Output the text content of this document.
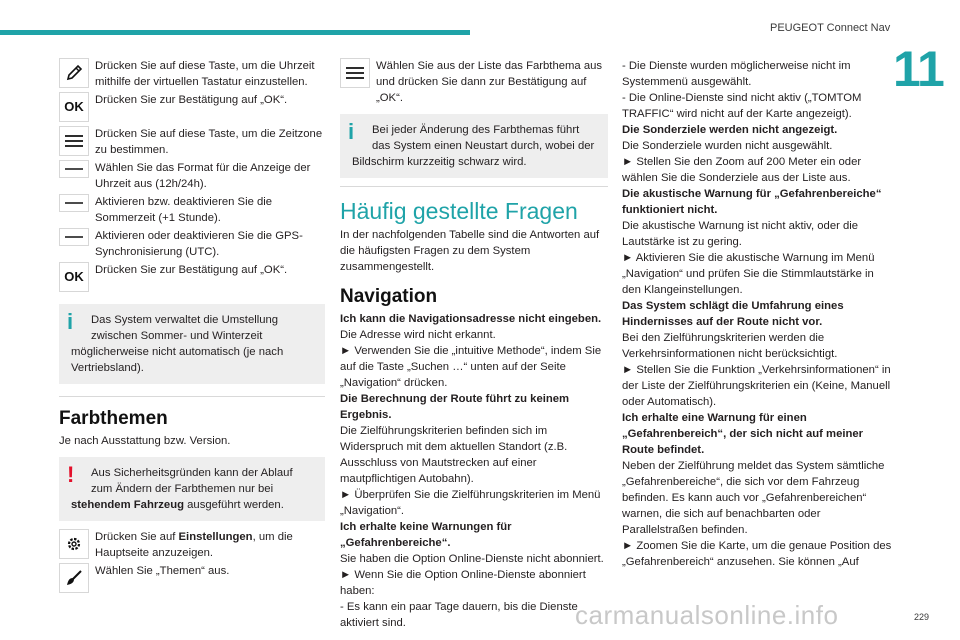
PEUGEOT Connect Nav
11

Drücken Sie auf diese Taste, um die Uhrzeit mithilfe der virtuellen Tastatur einzustellen.

OK Drücken Sie zur Bestätigung auf „OK“.

Drücken Sie auf diese Taste, um die Zeitzone zu bestimmen.

Wählen Sie das Format für die Anzeige der Uhrzeit aus (12h/24h).

Aktivieren bzw. deaktivieren Sie die Sommerzeit (+1 Stunde).

Aktivieren oder deaktivieren Sie die GPS-Synchronisierung (UTC).

OK Drücken Sie zur Bestätigung auf „OK“.

i	Das System verwaltet die Umstellung zwischen Sommer- und Winterzeit
möglicherweise nicht automatisch (je nach Vertriebsland).
Farbthemen

Je nach Ausstattung bzw. Version.

!	Aus Sicherheitsgründen kann der Ablauf zum Ändern der Farbthemen nur bei
stehendem Fahrzeug ausgeführt werden.

Drücken Sie auf Einstellungen, um die Hauptseite anzuzeigen.

Wählen Sie „Themen“ aus.

Wählen Sie aus der Liste das Farbthema aus und drücken Sie dann zur Bestätigung auf „OK“.

i	Bei jeder Änderung des Farbthemas führt das System einen Neustart durch, wobei der
Bildschirm kurzzeitig schwarz wird.
Häufig gestellte Fragen

In der nachfolgenden Tabelle sind die Antworten auf die häufigsten Fragen zu dem System zusammengestellt.

Navigation

Ich kann die Navigationsadresse nicht eingeben.

Die Adresse wird nicht erkannt.

► Verwenden Sie die „intuitive Methode“, indem Sie auf die Taste „Suchen …“ unten auf der Seite „Navigation“ drücken.

Die Berechnung der Route führt zu keinem Ergebnis.

Die Zielführungskriterien befinden sich im Widerspruch mit dem aktuellen Standort (z.B. Ausschluss von Mautstrecken auf einer mautpflichtigen Autobahn).

► Überprüfen Sie die Zielführungskriterien im Menü „Navigation“.

Ich erhalte keine Warnungen für „Gefahrenbereiche“.

Sie haben die Option Online-Dienste nicht abonniert.

► Wenn Sie die Option Online-Dienste abonniert haben:

- Es kann ein paar Tage dauern, bis die Dienste aktiviert sind.

- Die Dienste wurden möglicherweise nicht im Systemmenü ausgewählt.

- Die Online-Dienste sind nicht aktiv („TOMTOM TRAFFIC“ wird nicht auf der Karte angezeigt).

Die Sonderziele werden nicht angezeigt.

Die Sonderziele wurden nicht ausgewählt.

► Stellen Sie den Zoom auf 200 Meter ein oder wählen Sie die Sonderziele aus der Liste aus.

Die akustische Warnung für „Gefahrenbereiche“ funktioniert nicht.

Die akustische Warnung ist nicht aktiv, oder die Lautstärke ist zu gering.

► Aktivieren Sie die akustische Warnung im Menü „Navigation“ und prüfen Sie die Stimmlautstärke in den Klangeinstellungen.

Das System schlägt die Umfahrung eines Hindernisses auf der Route nicht vor.

Bei den Zielführungskriterien werden die Verkehrsinformationen nicht berücksichtigt.

► Stellen Sie die Funktion „Verkehrsinformationen“ in der Liste der Zielführungskriterien ein (Keine, Manuell oder Automatisch).

Ich erhalte eine Warnung für einen „Gefahrenbereich“, der sich nicht auf meiner Route befindet.

Neben der Zielführung meldet das System sämtliche „Gefahrenbereiche“, die sich vor dem Fahrzeug befinden. Es kann auch vor „Gefahrenbereichen“ warnen, die sich auf benachbarten oder Parallelstraßen befinden.

► Zoomen Sie die Karte, um die genaue Position des „Gefahrenbereich“ anzusehen. Sie können „Auf

carmanualsonline.info	229
